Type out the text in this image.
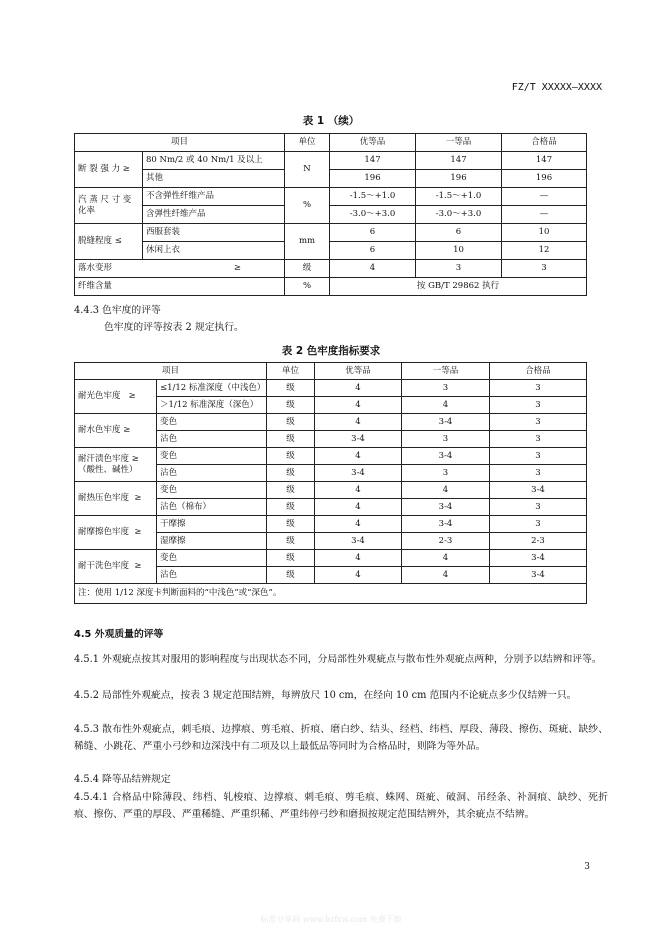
FZ/T XXXXX—XXXX
表 1 （续）
项目		单位	优等品	一等品	合格品
断 裂 强 力 ≥	80 Nm/2 或 40 Nm/1 及以上	N	147	147	147
	其他		196	196	196
汽 蒸 尺 寸 变 化率	不含弹性纤维产品	%	-1.5～+1.0	-1.5～+1.0	—
	含弹性纤维产品		-3.0～+3.0	-3.0～+3.0	—
脱缝程度 ≤	西服套装	mm	6	6	10
	休闲上衣		6	10	12
落水变形 ≥		级	4	3	3
纤维含量		%	按 GB/T 29862 执行		
4.4.3 色牢度的评等
色牢度的评等按表 2 规定执行。
表 2 色牢度指标要求
项目		单位	优等品	一等品	合格品
耐光色牢度 ≥	≤1/12 标准深度（中浅色）	级	4	3	3
	＞1/12 标准深度（深色）	级	4	4	3
耐水色牢度 ≥	变色	级	4	3-4	3
	沾色	级	3-4	3	3

耐汗渍色牢度 ≥
（酸性、碱性）	变色	级	4	3-4	3
	沾色	级	3-4	3	3
耐热压色牢度 ≥	变色	级	4	4	3-4
	沾色（棉布）	级	4	3-4	3
耐摩擦色牢度 ≥	干摩擦	级	4	3-4	3
	湿摩擦	级	3-4	2-3	2-3
耐干洗色牢度 ≥	变色	级	4	4	3-4
	沾色	级	4	4	3-4
注：使用 1/12 深度卡判断面料的“中浅色”或“深色”。					
4.5 外观质量的评等
4.5.1 外观疵点按其对服用的影响程度与出现状态不同，分局部性外观疵点与散布性外观疵点两种，分别予以结辨和评等。
4.5.2 局部性外观疵点，按表 3 规定范围结辨，每辨放尺 10 cm，在经向 10 cm 范围内不论疵点多少仅结辨一只。
4.5.3 散布性外观疵点，刺毛痕、边撑痕、剪毛痕、折痕、磨白纱、结头、经档、纬档、厚段、薄段、擦伤、斑疵、缺纱、稀缝、小跳花、严重小弓纱和边深浅中有二项及以上最低品等同时为合格品时，则降为等外品。
4.5.4 降等品结辨规定
4.5.4.1 合格品中除薄段、纬档、轧梭痕、边撑痕、刺毛痕、剪毛痕、蛛网、斑疵、破洞、吊经条、补洞痕、缺纱、死折痕、擦伤、严重的厚段、严重稀缝、严重织稀、严重纬停弓纱和磨损按规定范围结辨外，其余疵点不结辨。
3
标准分享网 www.bzfxw.com 免费下载
